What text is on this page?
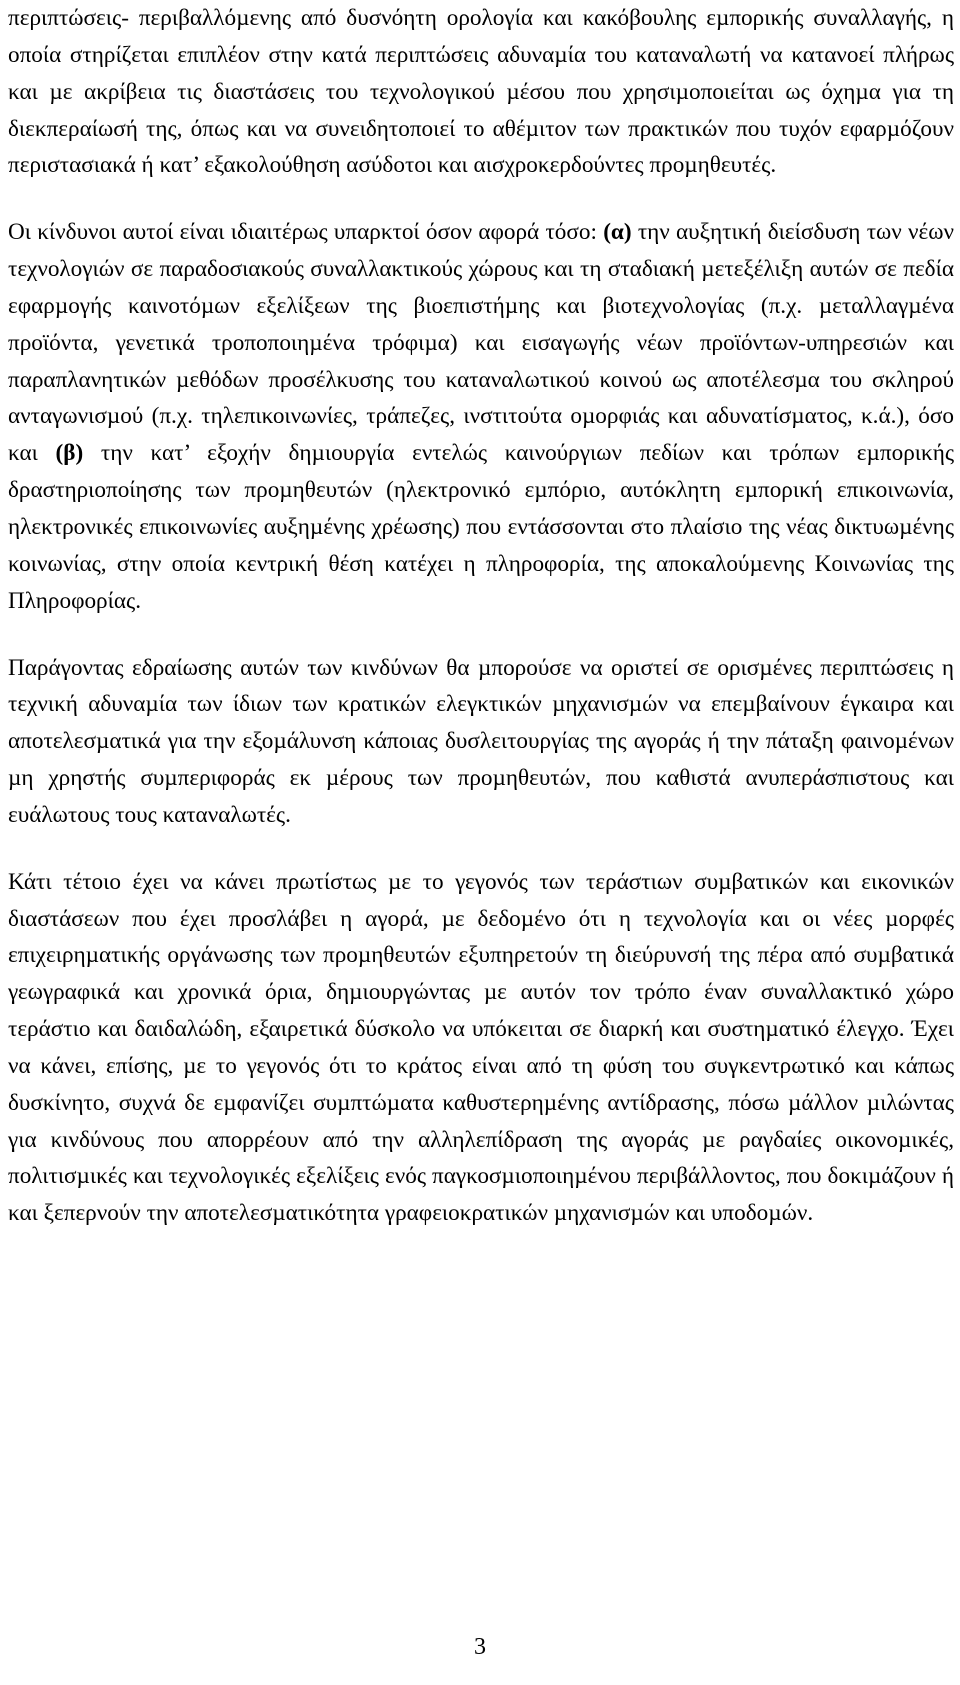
περιπτώσεις- περιβαλλόµενης από δυσνόητη ορολογία και κακόβουλης εµπορικής συναλλαγής, η οποία στηρίζεται επιπλέον στην κατά περιπτώσεις αδυναµία του καταναλωτή να κατανοεί πλήρως και µε ακρίβεια τις διαστάσεις του τεχνολογικού µέσου που χρησιµοποιείται ως όχηµα για τη διεκπεραίωσή της, όπως και να συνειδητοποιεί το αθέµιτον των πρακτικών που τυχόν εφαρµόζουν περιστασιακά ή κατ’ εξακολούθηση ασύδοτοι και αισχροκερδούντες προµηθευτές.

Οι κίνδυνοι αυτοί είναι ιδιαιτέρως υπαρκτοί όσον αφορά τόσο: (α) την αυξητική διείσδυση των νέων τεχνολογιών σε παραδοσιακούς συναλλακτικούς χώρους και τη σταδιακή µετεξέλιξη αυτών σε πεδία εφαρµογής καινοτόµων εξελίξεων της βιοεπιστήµης και βιοτεχνολογίας (π.χ. µεταλλαγµένα προϊόντα, γενετικά τροποποιηµένα τρόφιµα) και εισαγωγής νέων προϊόντων-υπηρεσιών και παραπλανητικών µεθόδων προσέλκυσης του καταναλωτικού κοινού ως αποτέλεσµα του σκληρού ανταγωνισµού (π.χ. τηλεπικοινωνίες, τράπεζες, ινστιτούτα οµορφιάς και αδυνατίσµατος, κ.ά.), όσο και (β) την κατ’ εξοχήν δηµιουργία εντελώς καινούργιων πεδίων και τρόπων εµπορικής δραστηριοποίησης των προµηθευτών (ηλεκτρονικό εµπόριο, αυτόκλητη εµπορική επικοινωνία, ηλεκτρονικές επικοινωνίες αυξηµένης χρέωσης) που εντάσσονται στο πλαίσιο της νέας δικτυωµένης κοινωνίας, στην οποία κεντρική θέση κατέχει η πληροφορία, της αποκαλούµενης Κοινωνίας της Πληροφορίας.

Παράγοντας εδραίωσης αυτών των κινδύνων θα µπορούσε να οριστεί σε ορισµένες περιπτώσεις η τεχνική αδυναµία των ίδιων των κρατικών ελεγκτικών µηχανισµών να επεµβαίνουν έγκαιρα και αποτελεσµατικά για την εξοµάλυνση κάποιας δυσλειτουργίας της αγοράς ή την πάταξη φαινοµένων µη χρηστής συµπεριφοράς εκ µέρους των προµηθευτών, που καθιστά ανυπεράσπιστους και ευάλωτους τους καταναλωτές.

Κάτι τέτοιο έχει να κάνει πρωτίστως µε το γεγονός των τεράστιων συµβατικών και εικονικών διαστάσεων που έχει προσλάβει η αγορά, µε δεδοµένο ότι η τεχνολογία και οι νέες µορφές επιχειρηµατικής οργάνωσης των προµηθευτών εξυπηρετούν τη διεύρυνσή της πέρα από συµβατικά γεωγραφικά και χρονικά όρια, δηµιουργώντας µε αυτόν τον τρόπο έναν συναλλακτικό χώρο τεράστιο και δαιδαλώδη, εξαιρετικά δύσκολο να υπόκειται σε διαρκή και συστηµατικό έλεγχο. Έχει να κάνει, επίσης, µε το γεγονός ότι το κράτος είναι από τη φύση του συγκεντρωτικό και κάπως δυσκίνητο, συχνά δε εµφανίζει συµπτώµατα καθυστερηµένης αντίδρασης, πόσω µάλλον µιλώντας για κινδύνους που απορρέουν από την αλληλεπίδραση της αγοράς µε ραγδαίες οικονοµικές, πολιτισµικές και τεχνολογικές εξελίξεις ενός παγκοσµιοποιηµένου περιβάλλοντος, που δοκιµάζουν ή και ξεπερνούν την αποτελεσµατικότητα γραφειοκρατικών µηχανισµών και υποδοµών.

3
